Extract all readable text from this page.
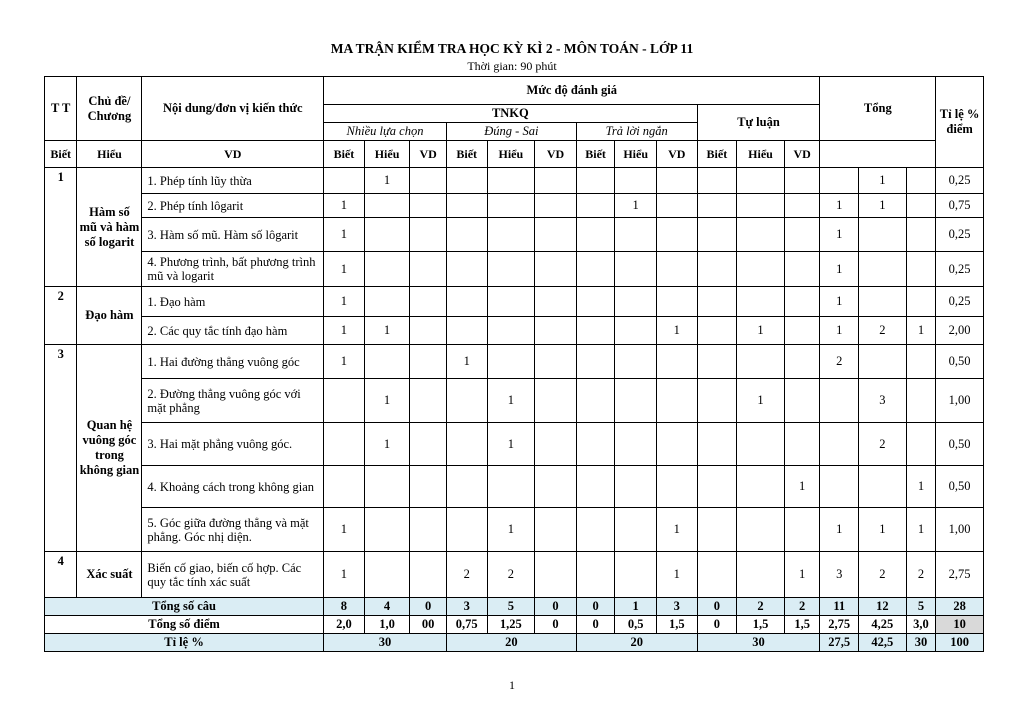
MA TRẬN KIỂM TRA HỌC KỲ KÌ 2 - MÔN TOÁN - LỚP 11
Thời gian: 90 phút
T T	Chủ đề/ Chương	Nội dung/đơn vị kiến thức	Mức độ đánh giá												Tổng			Tỉ lệ % điểm
			TNKQ									Tự luận						
			Nhiều lựa chọn			Đúng - Sai			Trả lời ngắn									
Biết	Hiểu	VD	Biết	Hiểu	VD	Biết	Hiểu	VD	Biết	Hiểu	VD	Biết	Hiểu	VD				
1	Hàm số mũ và hàm số logarit	1. Phép tính lũy thừa		1												1		0,25
		2. Phép tính lôgarit	1							1					1	1		0,75
		3. Hàm số mũ. Hàm số lôgarit	1												1			0,25
		4. Phương trình, bất phương trình mũ và logarit	1												1			0,25
2	Đạo hàm	1. Đạo hàm	1												1			0,25
		2. Các quy tắc tính đạo hàm	1	1							1		1		1	2	1	2,00
3	Quan hệ vuông góc trong không gian	1. Hai đường thẳng vuông góc	1			1									2			0,50
		2. Đường thẳng vuông góc với mặt phẳng		1			1						1			3		1,00
		3. Hai mặt phẳng vuông góc.		1			1									2		0,50
		4. Khoảng cách trong không gian												1			1	0,50
		5. Góc giữa đường thẳng và mặt phẳng. Góc nhị diện.	1				1				1				1	1	1	1,00
4	Xác suất	Biến cố giao, biến cố hợp. Các quy tắc tính xác suất	1			2	2				1			1	3	2	2	2,75
Tổng số câu			8	4	0	3	5	0	0	1	3	0	2	2	11	12	5	28
Tổng số điểm			2,0	1,0	00	0,75	1,25	0	0	0,5	1,5	0	1,5	1,5	2,75	4,25	3,0	10
Tỉ lệ %			30			20			20			30			27,5	42,5	30	100
1
